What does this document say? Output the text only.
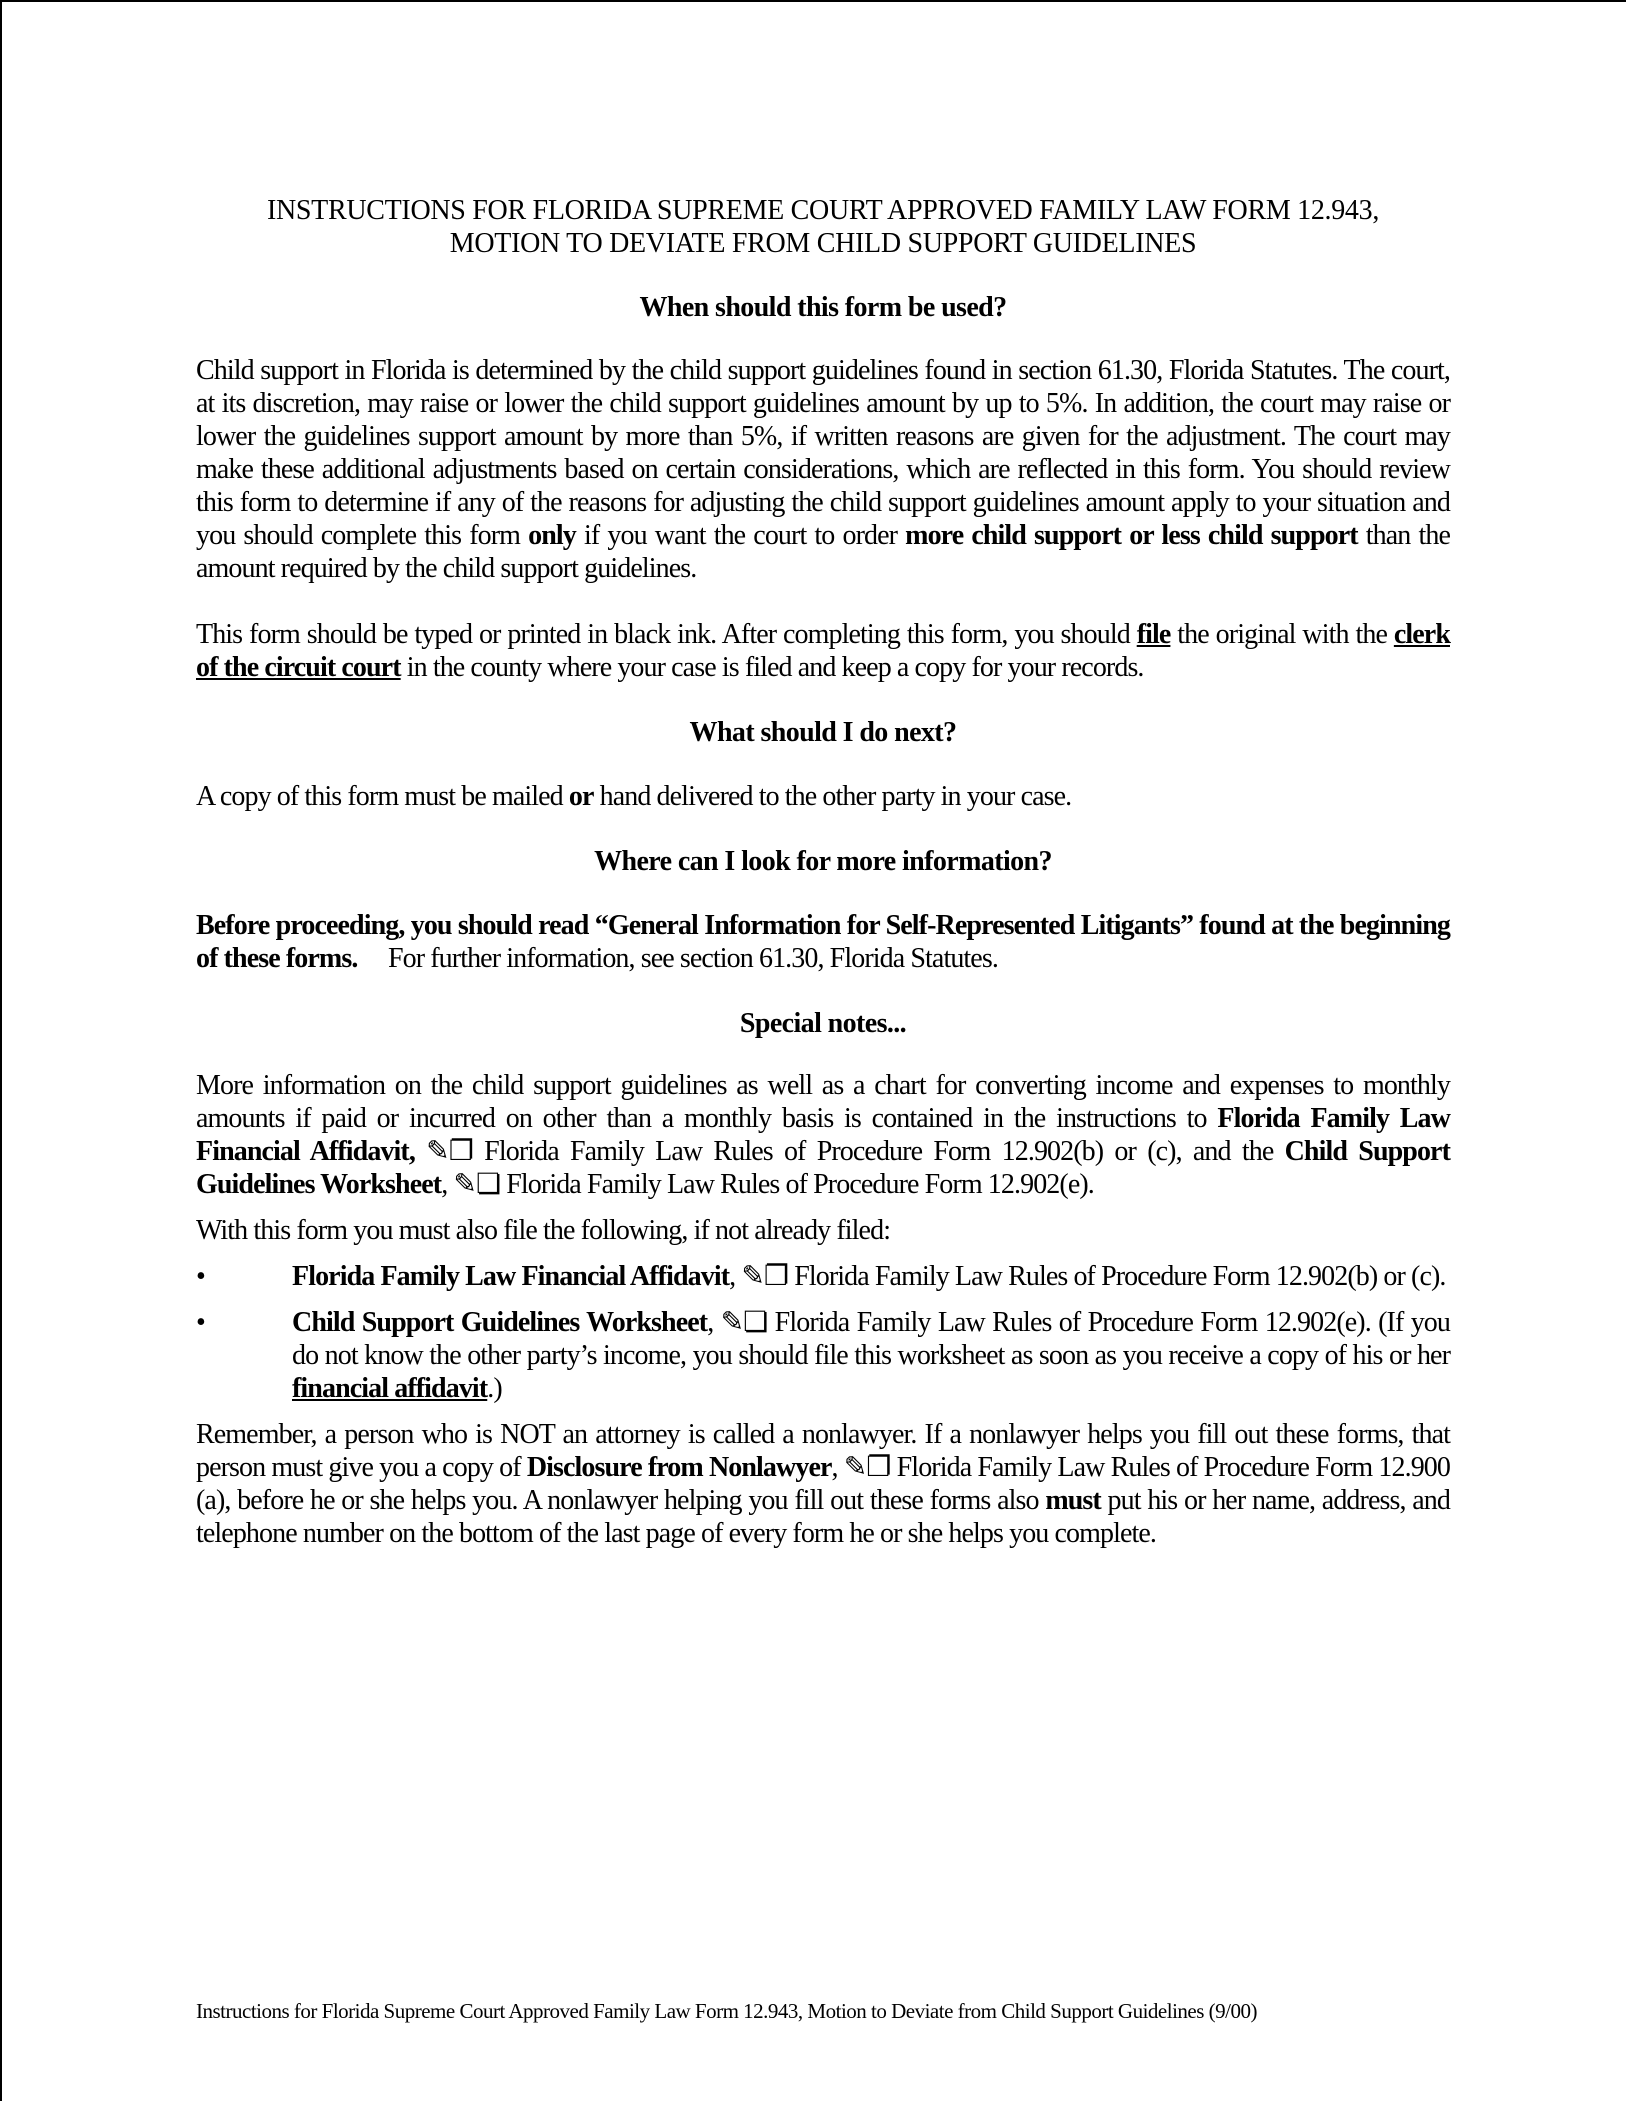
INSTRUCTIONS FOR FLORIDA SUPREME COURT APPROVED FAMILY LAW FORM 12.943,
MOTION TO DEVIATE FROM CHILD SUPPORT GUIDELINES
When should this form be used?

Child support in Florida is determined by the child support guidelines found in section 61.30, Florida Statutes. The court, at its discretion, may raise or lower the child support guidelines amount by up to 5%. In addition, the court may raise or lower the guidelines support amount by more than 5%, if written reasons are given for the adjustment. The court may make these additional adjustments based on certain considerations, which are reflected in this form. You should review this form to determine if any of the reasons for adjusting the child support guidelines amount apply to your situation and you should complete this form only if you want the court to order more child support or less child support than the amount required by the child support guidelines.

This form should be typed or printed in black ink. After completing this form, you should file the original with the clerk of the circuit court in the county where your case is filed and keep a copy for your records.

What should I do next?

A copy of this form must be mailed or hand delivered to the other party in your case.

Where can I look for more information?

Before proceeding, you should read “General Information for Self-Represented Litigants” found at the beginning of these forms.     For further information, see section 61.30, Florida Statutes.

Special notes...

More information on the child support guidelines as well as a chart for converting income and expenses to monthly amounts if paid or incurred on other than a monthly basis is contained in the instructions to Florida Family Law Financial Affidavit, ✎❐ Florida Family Law Rules of Procedure Form 12.902(b) or (c), and the Child Support Guidelines Worksheet, ✎❏ Florida Family Law Rules of Procedure Form 12.902(e).

With this form you must also file the following, if not already filed:

•	Florida Family Law Financial Affidavit, ✎❐ Florida Family Law Rules of Procedure Form 12.902(b) or (c).
•	Child Support Guidelines Worksheet, ✎❏ Florida Family Law Rules of Procedure Form 12.902(e). (If you do not know the other party’s income, you should file this worksheet as soon as you receive a copy of his or her financial affidavit.)

Remember, a person who is NOT an attorney is called a nonlawyer. If a nonlawyer helps you fill out these forms, that person must give you a copy of Disclosure from Nonlawyer, ✎❐ Florida Family Law Rules of Procedure Form 12.900 (a), before he or she helps you. A nonlawyer helping you fill out these forms also must put his or her name, address, and telephone number on the bottom of the last page of every form he or she helps you complete.

Instructions for Florida Supreme Court Approved Family Law Form 12.943, Motion to Deviate from Child Support Guidelines (9/00)
